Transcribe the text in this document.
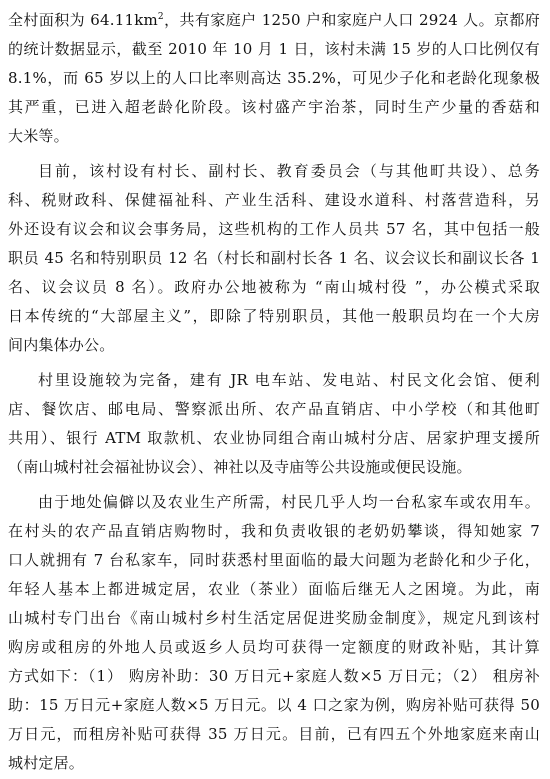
全村面积为 $64.11km^2$，共有家庭户 1250 户和家庭户人口 2924 人。京都府
的统计数据显示，截至 2010 年 10 月 1 日，该村未满 15 岁的人口比例仅有
8.1%，而 65 岁以上的人口比率则高达 35.2%，可见少子化和老龄化现象极
其严重，已进入超老龄化阶段。该村盛产宇治茶，同时生产少量的香菇和
大米等。
目前，该村设有村长、副村长、教育委员会（与其他町共设）、总务
科、税财政科、保健福祉科、产业生活科、建设水道科、村落营造科，另
外还设有议会和议会事务局，这些机构的工作人员共 57 名，其中包括一般
职员 45 名和特别职员 12 名（村长和副村长各 1 名、议会议长和副议长各 1
名、议会议员 8 名）。政府办公地被称为 “南山城村役 ”，办公模式采取
日本传统的“大部屋主义”，即除了特别职员，其他一般职员均在一个大房
间内集体办公。
村里设施较为完备，建有 JR 电车站、发电站、村民文化会馆、便利
店、餐饮店、邮电局、警察派出所、农产品直销店、中小学校（和其他町
共用）、银行 ATM 取款机、农业协同组合南山城村分店、居家护理支援所
（南山城村社会福祉协议会）、神社以及寺庙等公共设施或便民设施。
由于地处偏僻以及农业生产所需，村民几乎人均一台私家车或农用车。
在村头的农产品直销店购物时，我和负责收银的老奶奶攀谈，得知她家 7
口人就拥有 7 台私家车，同时获悉村里面临的最大问题为老龄化和少子化，
年轻人基本上都进城定居，农业（茶业）面临后继无人之困境。为此，南
山城村专门出台《南山城村乡村生活定居促进奖励金制度》，规定凡到该村
购房或租房的外地人员或返乡人员均可获得一定额度的财政补贴，其计算
方式如下：（1） 购房补助：30 万日元+家庭人数×5 万日元；（2） 租房补
助：15 万日元+家庭人数×5 万日元。以 4 口之家为例，购房补贴可获得 50
万日元，而租房补贴可获得 35 万日元。目前，已有四五个外地家庭来南山
城村定居。
